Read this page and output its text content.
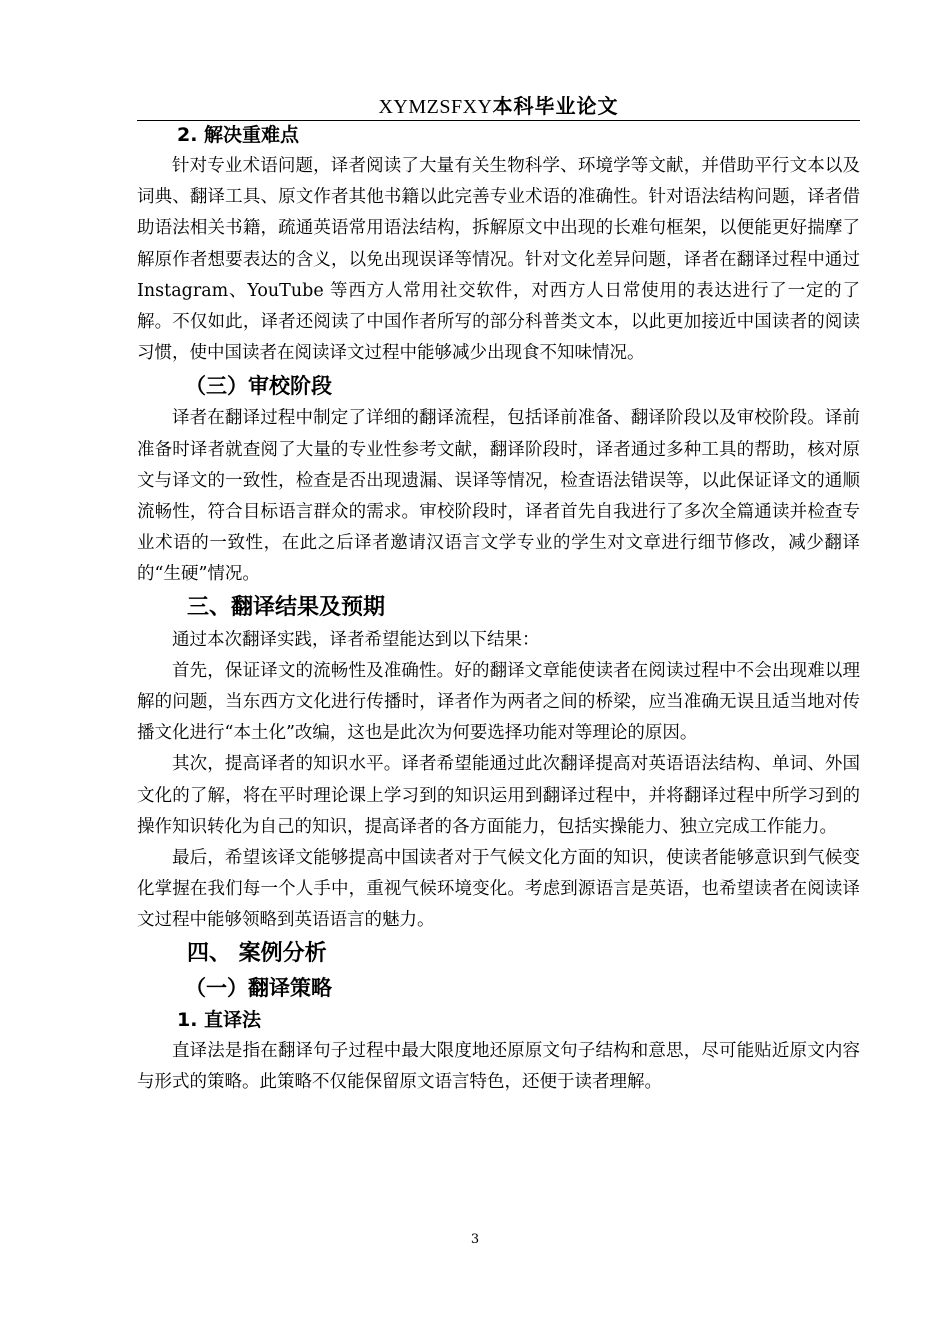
XYMZSFXY本科毕业论文
2. 解决重难点

针对专业术语问题，译者阅读了大量有关生物科学、环境学等文献，并借助平行文本以及词典、翻译工具、原文作者其他书籍以此完善专业术语的准确性。针对语法结构问题，译者借助语法相关书籍，疏通英语常用语法结构，拆解原文中出现的长难句框架，以便能更好揣摩了解原作者想要表达的含义，以免出现误译等情况。针对文化差异问题，译者在翻译过程中通过 Instagram、YouTube 等西方人常用社交软件，对西方人日常使用的表达进行了一定的了解。不仅如此，译者还阅读了中国作者所写的部分科普类文本，以此更加接近中国读者的阅读习惯，使中国读者在阅读译文过程中能够减少出现食不知味情况。

（三）审校阶段

译者在翻译过程中制定了详细的翻译流程，包括译前准备、翻译阶段以及审校阶段。译前准备时译者就查阅了大量的专业性参考文献，翻译阶段时，译者通过多种工具的帮助，核对原文与译文的一致性，检查是否出现遗漏、误译等情况，检查语法错误等，以此保证译文的通顺流畅性，符合目标语言群众的需求。审校阶段时，译者首先自我进行了多次全篇通读并检查专业术语的一致性，在此之后译者邀请汉语言文学专业的学生对文章进行细节修改，减少翻译的“生硬”情况。

三、翻译结果及预期

通过本次翻译实践，译者希望能达到以下结果：

首先，保证译文的流畅性及准确性。好的翻译文章能使读者在阅读过程中不会出现难以理解的问题，当东西方文化进行传播时，译者作为两者之间的桥梁，应当准确无误且适当地对传播文化进行“本土化”改编，这也是此次为何要选择功能对等理论的原因。

其次，提高译者的知识水平。译者希望能通过此次翻译提高对英语语法结构、单词、外国文化的了解，将在平时理论课上学习到的知识运用到翻译过程中，并将翻译过程中所学习到的操作知识转化为自己的知识，提高译者的各方面能力，包括实操能力、独立完成工作能力。

最后，希望该译文能够提高中国读者对于气候文化方面的知识，使读者能够意识到气候变化掌握在我们每一个人手中，重视气候环境变化。考虑到源语言是英语，也希望读者在阅读译文过程中能够领略到英语语言的魅力。

四、 案例分析
（一）翻译策略
1. 直译法

直译法是指在翻译句子过程中最大限度地还原原文句子结构和意思，尽可能贴近原文内容与形式的策略。此策略不仅能保留原文语言特色，还便于读者理解。

3
